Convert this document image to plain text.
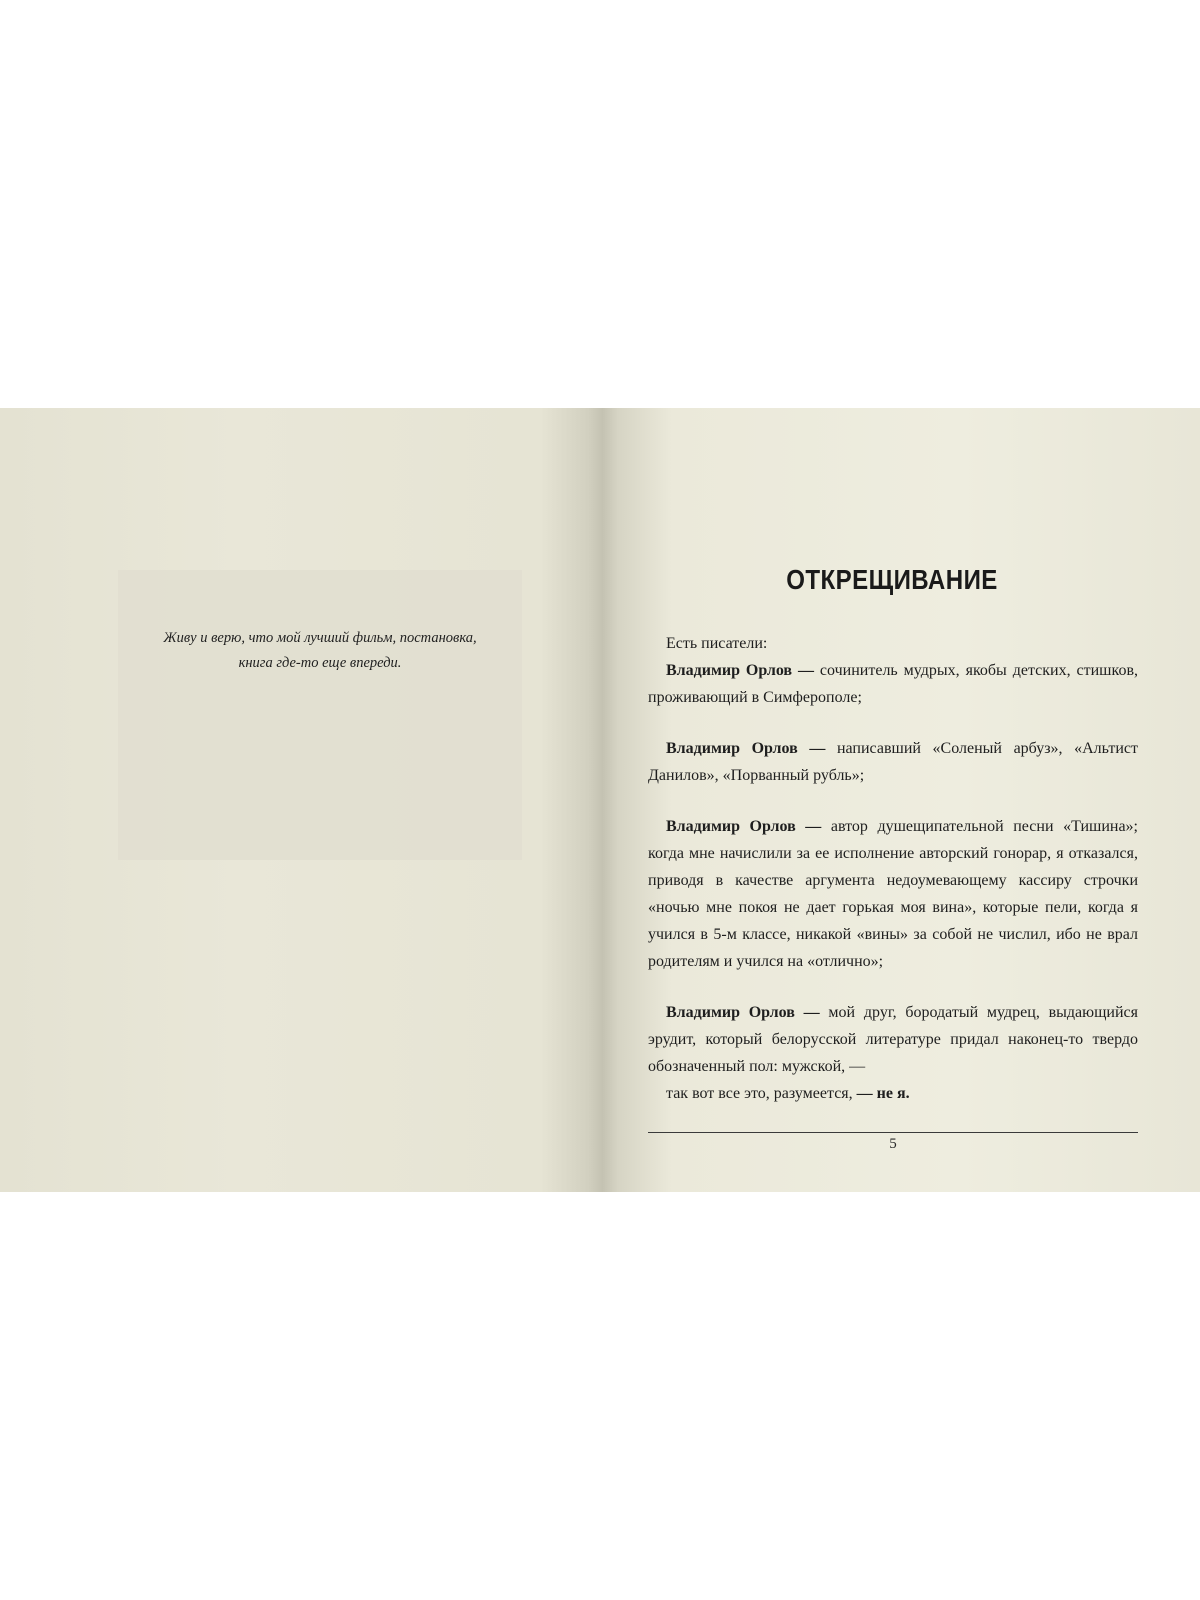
Живу и верю, что мой лучший фильм, постановка,

книга где-то еще впереди.

ОТКРЕЩИВАНИЕ

Есть писатели:

Владимир Орлов — сочинитель мудрых, якобы детских, стишков, проживающий в Симферополе;

Владимир Орлов — написавший «Соленый арбуз», «Альтист Данилов», «Порванный рубль»;

Владимир Орлов — автор душещипательной песни «Тишина»; когда мне начислили за ее исполнение авторский гонорар, я отказался, приводя в качестве аргумента недоумевающему кассиру строчки «ночью мне покоя не дает горькая моя вина», которые пели, когда я учился в 5-м классе, никакой «вины» за собой не числил, ибо не врал родителям и учился на «отлично»;

Владимир Орлов — мой друг, бородатый мудрец, выдающийся эрудит, который белорусской литературе придал наконец-то твердо обозначенный пол: мужской, —

так вот все это, разумеется, — не я.

5
